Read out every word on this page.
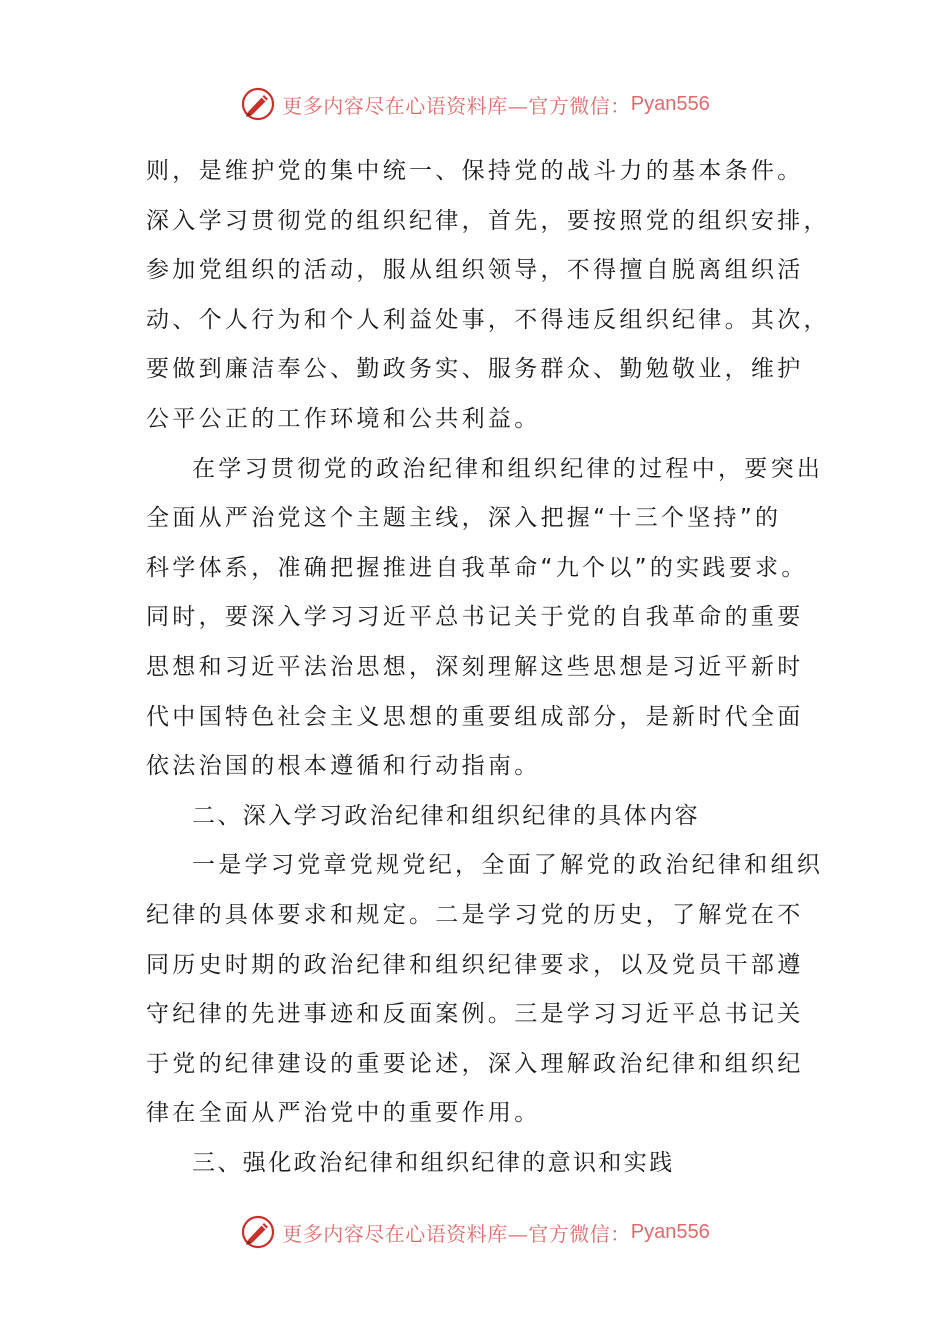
更多内容尽在心语资料库—官方微信： Pyan556
则，是维护党的集中统一、保持党的战斗力的基本条件。
深入学习贯彻党的组织纪律，首先，要按照党的组织安排，
参加党组织的活动，服从组织领导，不得擅自脱离组织活
动、个人行为和个人利益处事，不得违反组织纪律。其次，
要做到廉洁奉公、勤政务实、服务群众、勤勉敬业，维护
公平公正的工作环境和公共利益。
在学习贯彻党的政治纪律和组织纪律的过程中，要突出
全面从严治党这个主题主线，深入把握“十三个坚持”的
科学体系，准确把握推进自我革命“九个以”的实践要求。
同时，要深入学习习近平总书记关于党的自我革命的重要
思想和习近平法治思想，深刻理解这些思想是习近平新时
代中国特色社会主义思想的重要组成部分，是新时代全面
依法治国的根本遵循和行动指南。
二、深入学习政治纪律和组织纪律的具体内容
一是学习党章党规党纪，全面了解党的政治纪律和组织
纪律的具体要求和规定。二是学习党的历史，了解党在不
同历史时期的政治纪律和组织纪律要求，以及党员干部遵
守纪律的先进事迹和反面案例。三是学习习近平总书记关
于党的纪律建设的重要论述，深入理解政治纪律和组织纪
律在全面从严治党中的重要作用。
三、强化政治纪律和组织纪律的意识和实践
更多内容尽在心语资料库—官方微信： Pyan556
